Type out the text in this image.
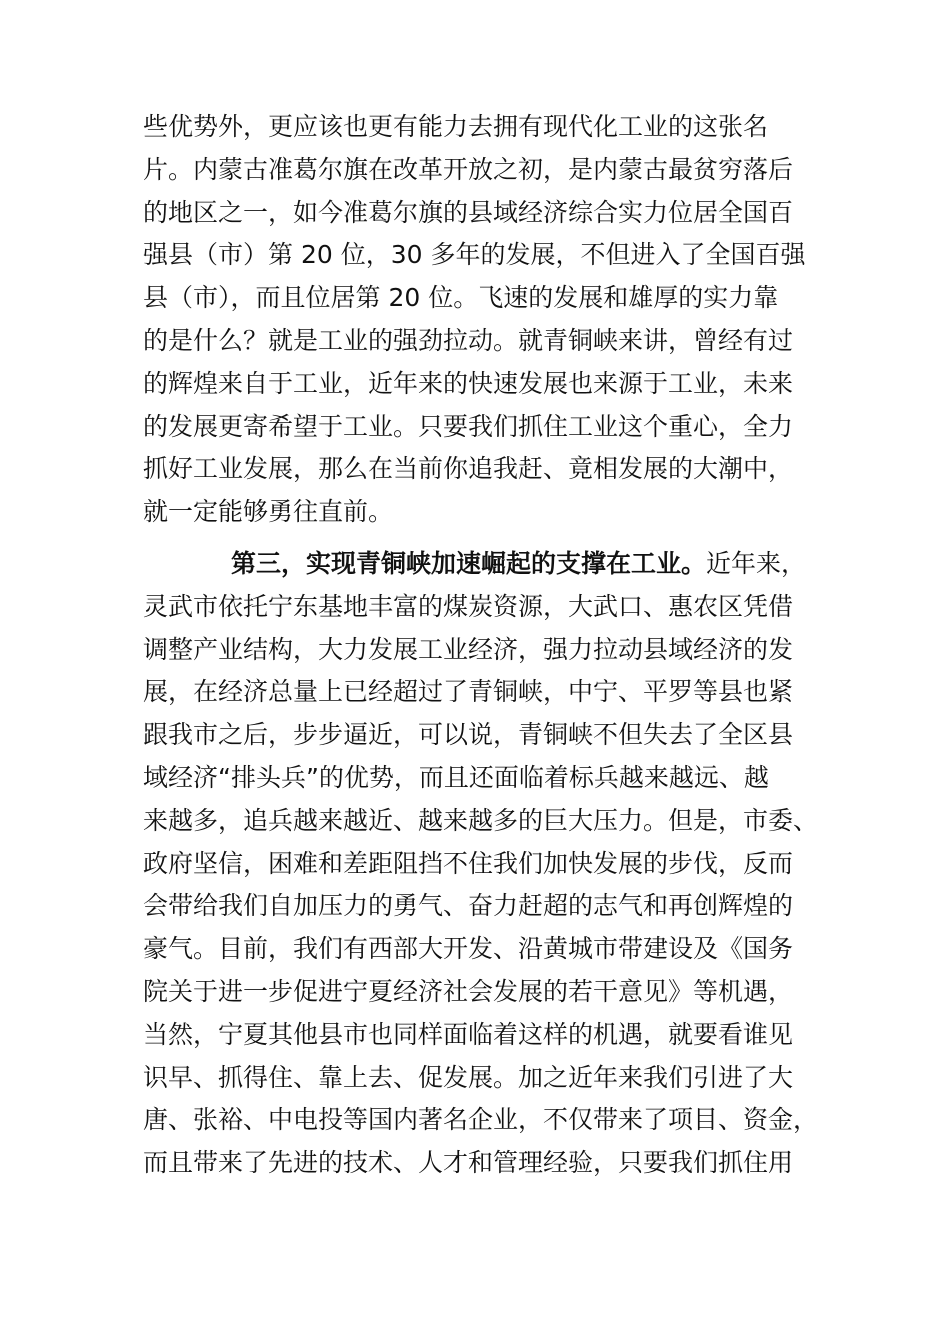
些优势外，更应该也更有能力去拥有现代化工业的这张名
片。内蒙古准葛尔旗在改革开放之初，是内蒙古最贫穷落后
的地区之一，如今准葛尔旗的县域经济综合实力位居全国百
强县（市）第 20 位，30 多年的发展，不但进入了全国百强
县（市），而且位居第 20 位。飞速的发展和雄厚的实力靠
的是什么？就是工业的强劲拉动。就青铜峡来讲，曾经有过
的辉煌来自于工业，近年来的快速发展也来源于工业，未来
的发展更寄希望于工业。只要我们抓住工业这个重心，全力
抓好工业发展，那么在当前你追我赶、竟相发展的大潮中，
就一定能够勇往直前。
第三，实现青铜峡加速崛起的支撑在工业。近年来，
灵武市依托宁东基地丰富的煤炭资源，大武口、惠农区凭借
调整产业结构，大力发展工业经济，强力拉动县域经济的发
展，在经济总量上已经超过了青铜峡，中宁、平罗等县也紧
跟我市之后，步步逼近，可以说，青铜峡不但失去了全区县
域经济“排头兵”的优势，而且还面临着标兵越来越远、越
来越多，追兵越来越近、越来越多的巨大压力。但是，市委、
政府坚信，困难和差距阻挡不住我们加快发展的步伐，反而
会带给我们自加压力的勇气、奋力赶超的志气和再创辉煌的
豪气。目前，我们有西部大开发、沿黄城市带建设及《国务
院关于进一步促进宁夏经济社会发展的若干意见》等机遇，
当然，宁夏其他县市也同样面临着这样的机遇，就要看谁见
识早、抓得住、靠上去、促发展。加之近年来我们引进了大
唐、张裕、中电投等国内著名企业，不仅带来了项目、资金，
而且带来了先进的技术、人才和管理经验，只要我们抓住用
